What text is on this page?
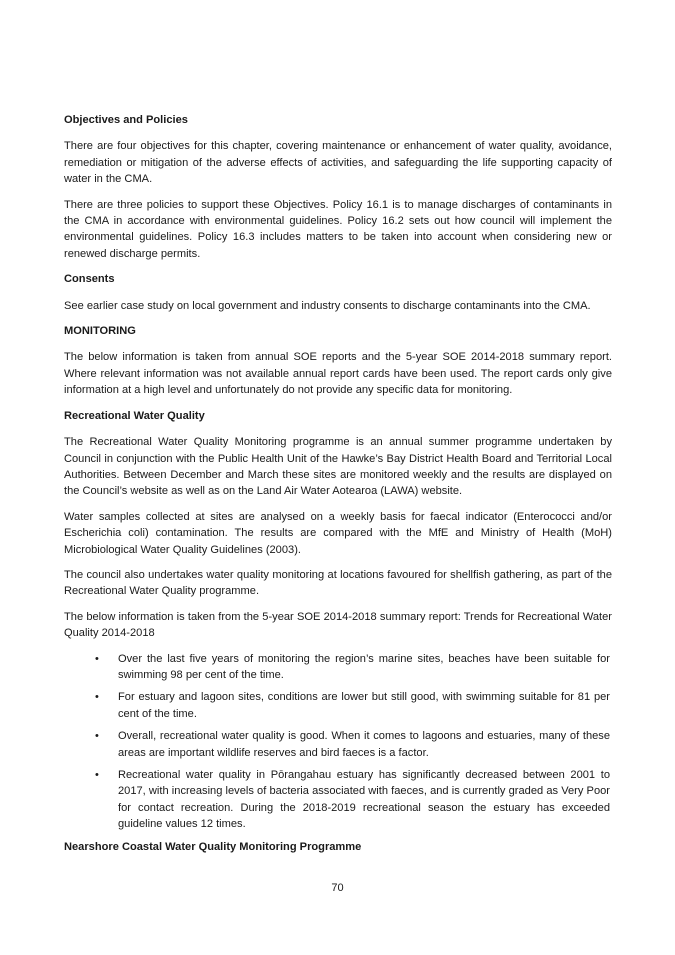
Objectives and Policies

There are four objectives for this chapter, covering maintenance or enhancement of water quality, avoidance, remediation or mitigation of the adverse effects of activities, and safeguarding the life supporting capacity of water in the CMA.

There are three policies to support these Objectives. Policy 16.1 is to manage discharges of contaminants in the CMA in accordance with environmental guidelines. Policy 16.2 sets out how council will implement the environmental guidelines. Policy 16.3 includes matters to be taken into account when considering new or renewed discharge permits.

Consents

See earlier case study on local government and industry consents to discharge contaminants into the CMA.

MONITORING

The below information is taken from annual SOE reports and the 5-year SOE 2014-2018 summary report. Where relevant information was not available annual report cards have been used. The report cards only give information at a high level and unfortunately do not provide any specific data for monitoring.

Recreational Water Quality

The Recreational Water Quality Monitoring programme is an annual summer programme undertaken by Council in conjunction with the Public Health Unit of the Hawke’s Bay District Health Board and Territorial Local Authorities. Between December and March these sites are monitored weekly and the results are displayed on the Council’s website as well as on the Land Air Water Aotearoa (LAWA) website.

Water samples collected at sites are analysed on a weekly basis for faecal indicator (Enterococci and/or Escherichia coli) contamination. The results are compared with the MfE and Ministry of Health (MoH) Microbiological Water Quality Guidelines (2003).

The council also undertakes water quality monitoring at locations favoured for shellfish gathering, as part of the Recreational Water Quality programme.

The below information is taken from the 5-year SOE 2014-2018 summary report: Trends for Recreational Water Quality 2014-2018

• Over the last five years of monitoring the region’s marine sites, beaches have been suitable for swimming 98 per cent of the time.
• For estuary and lagoon sites, conditions are lower but still good, with swimming suitable for 81 per cent of the time.
• Overall, recreational water quality is good. When it comes to lagoons and estuaries, many of these areas are important wildlife reserves and bird faeces is a factor.
• Recreational water quality in Pōrangahau estuary has significantly decreased between 2001 to 2017, with increasing levels of bacteria associated with faeces, and is currently graded as Very Poor for contact recreation. During the 2018-2019 recreational season the estuary has exceeded guideline values 12 times.

Nearshore Coastal Water Quality Monitoring Programme

70
